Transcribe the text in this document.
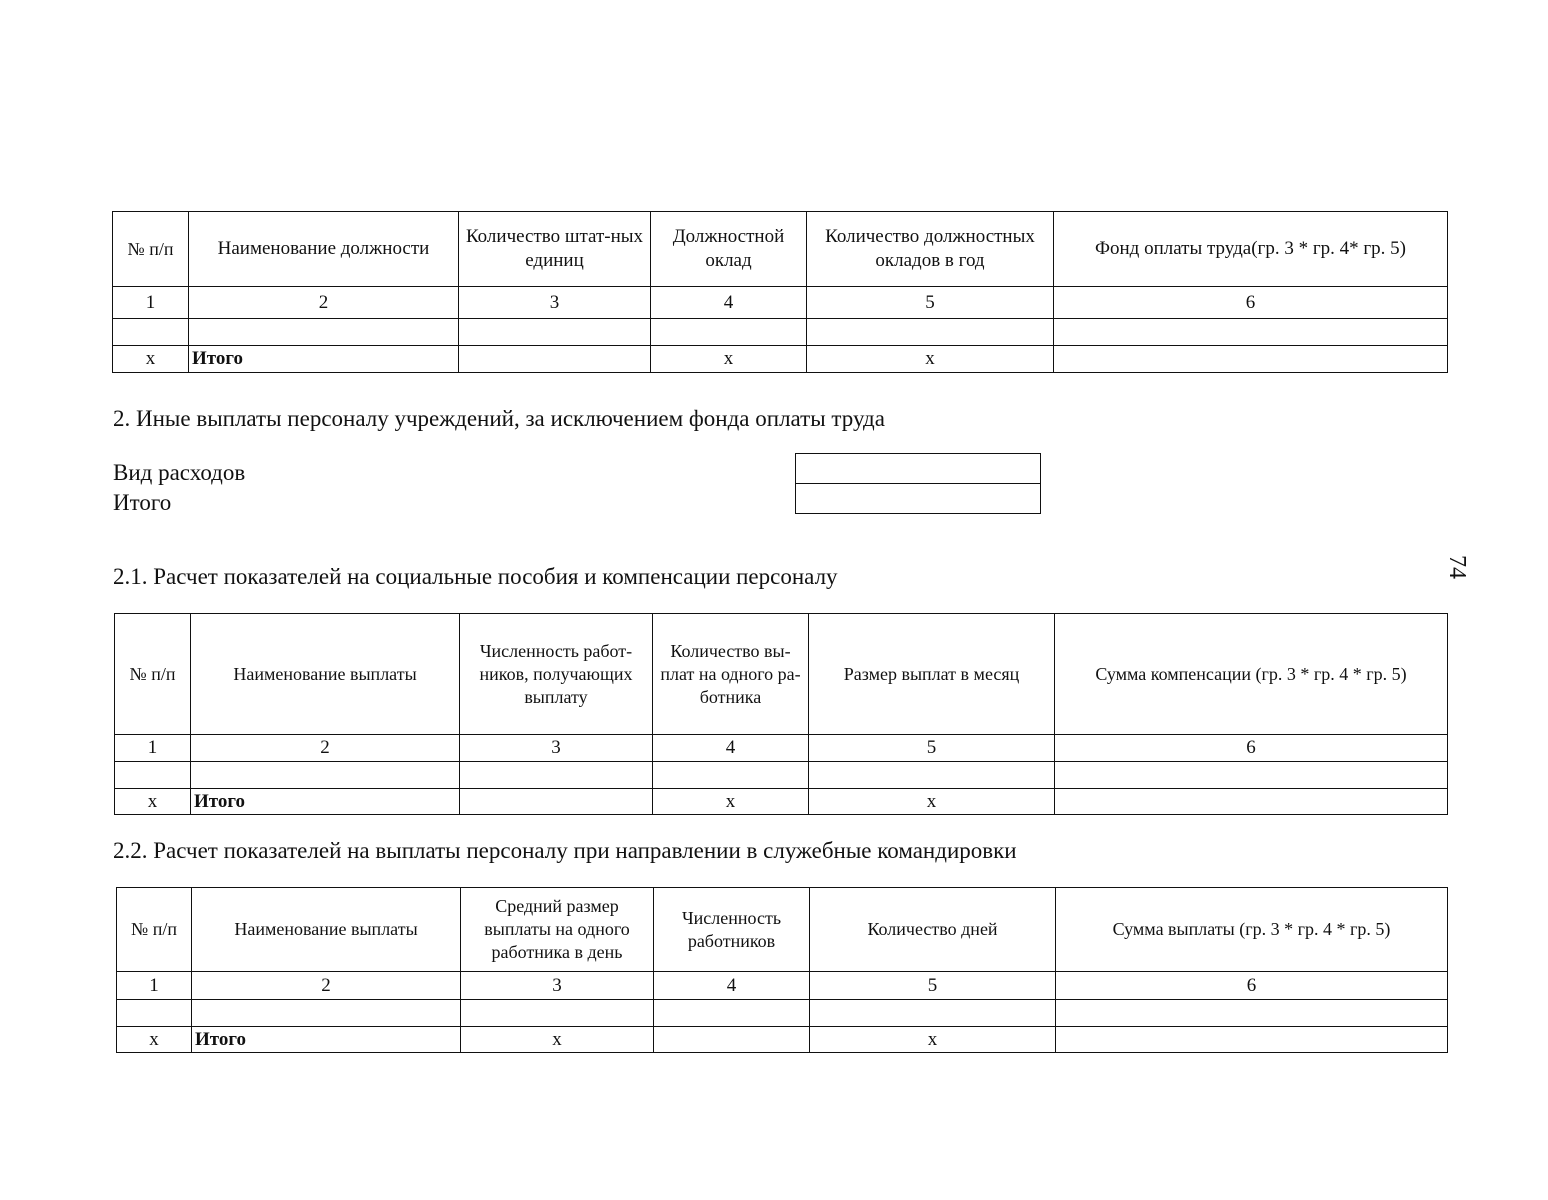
№ п/п	Наименование должности	Количество штат-ных единиц	Должностной оклад	Количество должностных окладов в год	Фонд оплаты труда(гр. 3 * гр. 4* гр. 5)
1	2	3	4	5	6

х	Итого		х	х	
2. Иные выплаты персоналу учреждений, за исключением фонда оплаты труда
Вид расходов
Итого
74
2.1. Расчет показателей на социальные пособия и компенсации персоналу
№ п/п	Наименование выплаты	Численность работ-ников, получающих выплату	Количество вы-плат на одного ра-ботника	Размер выплат в месяц	Сумма компенсации (гр. 3 * гр. 4 * гр. 5)
1	2	3	4	5	6

х	Итого		х	х	
2.2. Расчет показателей на выплаты персоналу при направлении в служебные командировки
№ п/п	Наименование выплаты	Средний размер выплаты на одного работника в день	Численность работников	Количество дней	Сумма выплаты (гр. 3 * гр. 4 * гр. 5)
1	2	3	4	5	6

х	Итого	х		х	
